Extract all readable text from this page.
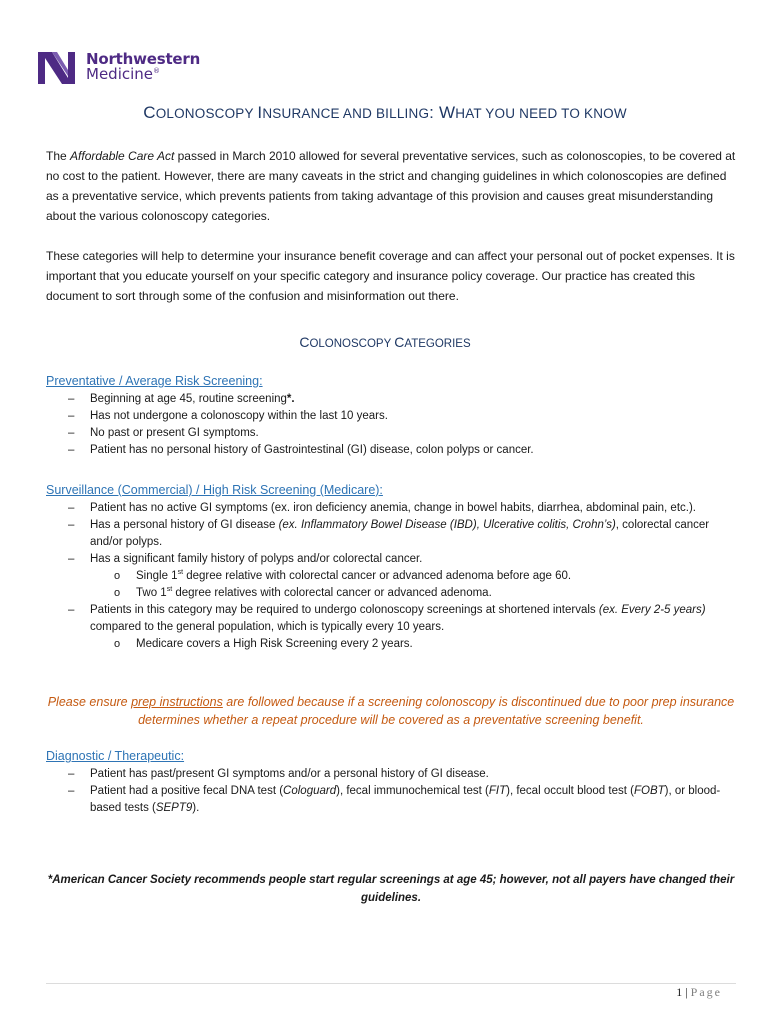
Northwestern
Medicine®
COLONOSCOPY INSURANCE AND BILLING: WHAT YOU NEED TO KNOW

The Affordable Care Act passed in March 2010 allowed for several preventative services, such as colonoscopies, to be covered at no cost to the patient. However, there are many caveats in the strict and changing guidelines in which colonoscopies are defined as a preventative service, which prevents patients from taking advantage of this provision and causes great misunderstanding about the various colonoscopy categories.

These categories will help to determine your insurance benefit coverage and can affect your personal out of pocket expenses. It is important that you educate yourself on your specific category and insurance policy coverage. Our practice has created this document to sort through some of the confusion and misinformation out there.

COLONOSCOPY CATEGORIES
Preventative / Average Risk Screening:
– Beginning at age 45, routine screening*.
– Has not undergone a colonoscopy within the last 10 years.
– No past or present GI symptoms.
– Patient has no personal history of Gastrointestinal (GI) disease, colon polyps or cancer.
Surveillance (Commercial) / High Risk Screening (Medicare):
– Patient has no active GI symptoms (ex. iron deficiency anemia, change in bowel habits, diarrhea, abdominal pain, etc.).
– Has a personal history of GI disease (ex. Inflammatory Bowel Disease (IBD), Ulcerative colitis, Crohn’s), colorectal cancer and/or polyps.
– Has a significant family history of polyps and/or colorectal cancer.
o Single 1st degree relative with colorectal cancer or advanced adenoma before age 60.
o Two 1st degree relatives with colorectal cancer or advanced adenoma.
– Patients in this category may be required to undergo colonoscopy screenings at shortened intervals (ex. Every 2-5 years) compared to the general population, which is typically every 10 years.
o Medicare covers a High Risk Screening every 2 years.

Please ensure prep instructions are followed because if a screening colonoscopy is discontinued due to poor prep insurance determines whether a repeat procedure will be covered as a preventative screening benefit.

Diagnostic / Therapeutic:
– Patient has past/present GI symptoms and/or a personal history of GI disease.
– Patient had a positive fecal DNA test (Cologuard), fecal immunochemical test (FIT), fecal occult blood test (FOBT), or blood-based tests (SEPT9).

*American Cancer Society recommends people start regular screenings at age 45; however, not all payers have changed their guidelines.

1 | Page
